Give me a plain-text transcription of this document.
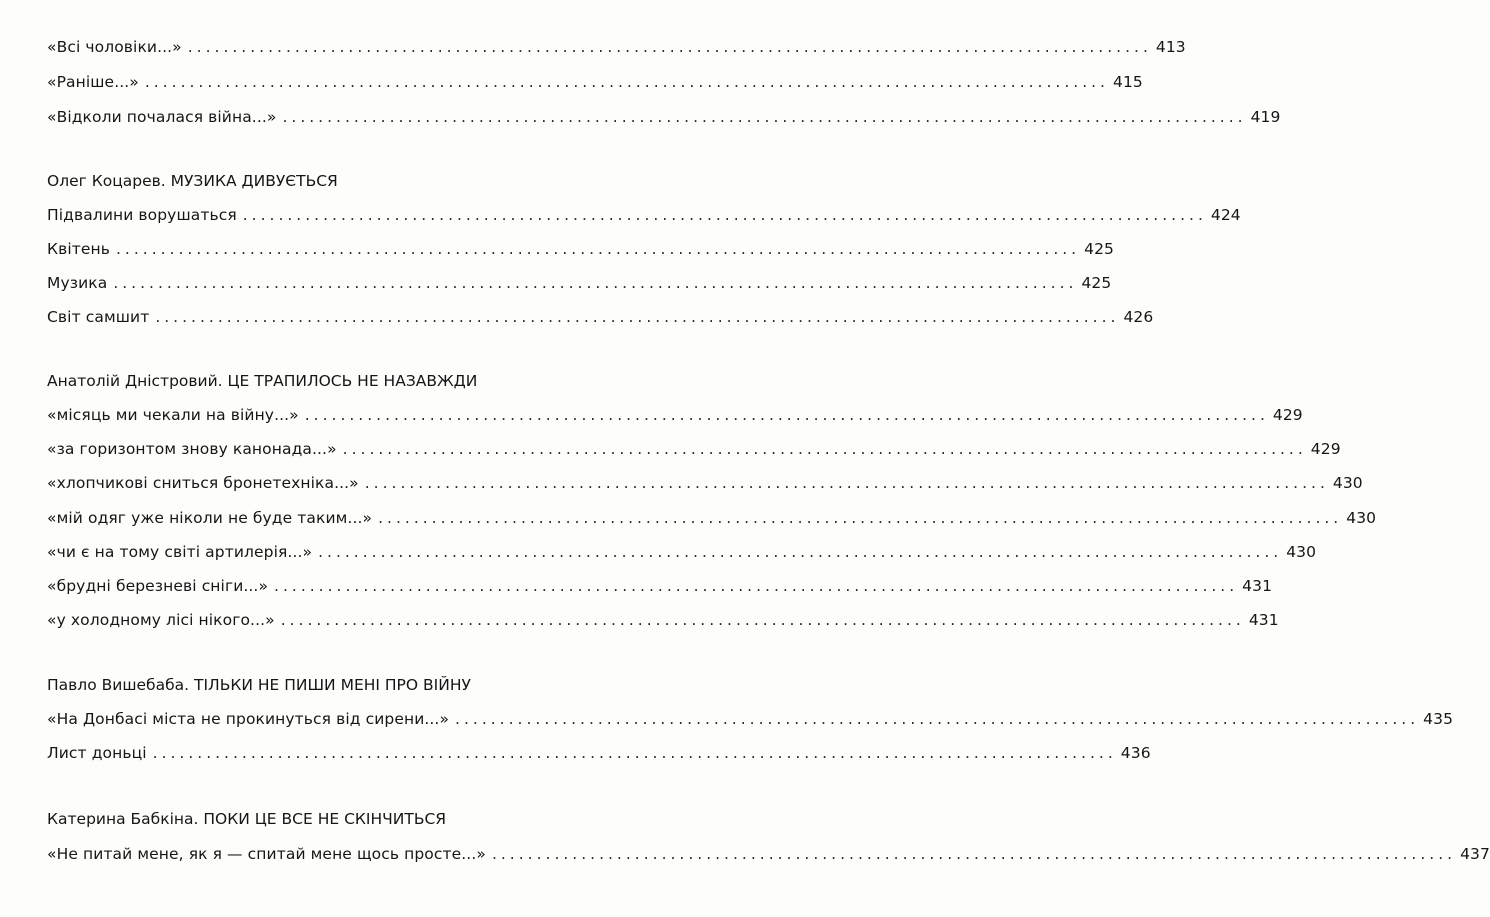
«Всі чоловіки...» ............................................................................................................ 413
«Раніше...» ............................................................................................................ 415
«Відколи почалася війна...» ............................................................................................................ 419
Олег Коцарев. МУЗИКА ДИВУЄТЬСЯ
Підвалини ворушаться ............................................................................................................ 424
Квітень ............................................................................................................ 425
Музика ............................................................................................................ 425
Світ самшит ............................................................................................................ 426
Анатолій Дністровий. ЦЕ ТРАПИЛОСЬ НЕ НАЗАВЖДИ
«місяць ми чекали на війну...» ............................................................................................................ 429
«за горизонтом знову канонада...» ............................................................................................................ 429
«хлопчикові сниться бронетехніка...» ............................................................................................................ 430
«мій одяг уже ніколи не буде таким...» ............................................................................................................ 430
«чи є на тому світі артилерія...» ............................................................................................................ 430
«брудні березневі сніги...» ............................................................................................................ 431
«у холодному лісі нікого...» ............................................................................................................ 431
Павло Вишебаба. ТІЛЬКИ НЕ ПИШИ МЕНІ ПРО ВІЙНУ
«На Донбасі міста не прокинуться від сирени...» ............................................................................................................ 435
Лист доньці ............................................................................................................ 436
Катерина Бабкіна. ПОКИ ЦЕ ВСЕ НЕ СКІНЧИТЬСЯ
«Не питай мене, як я — спитай мене щось просте...» ............................................................................................................ 437
